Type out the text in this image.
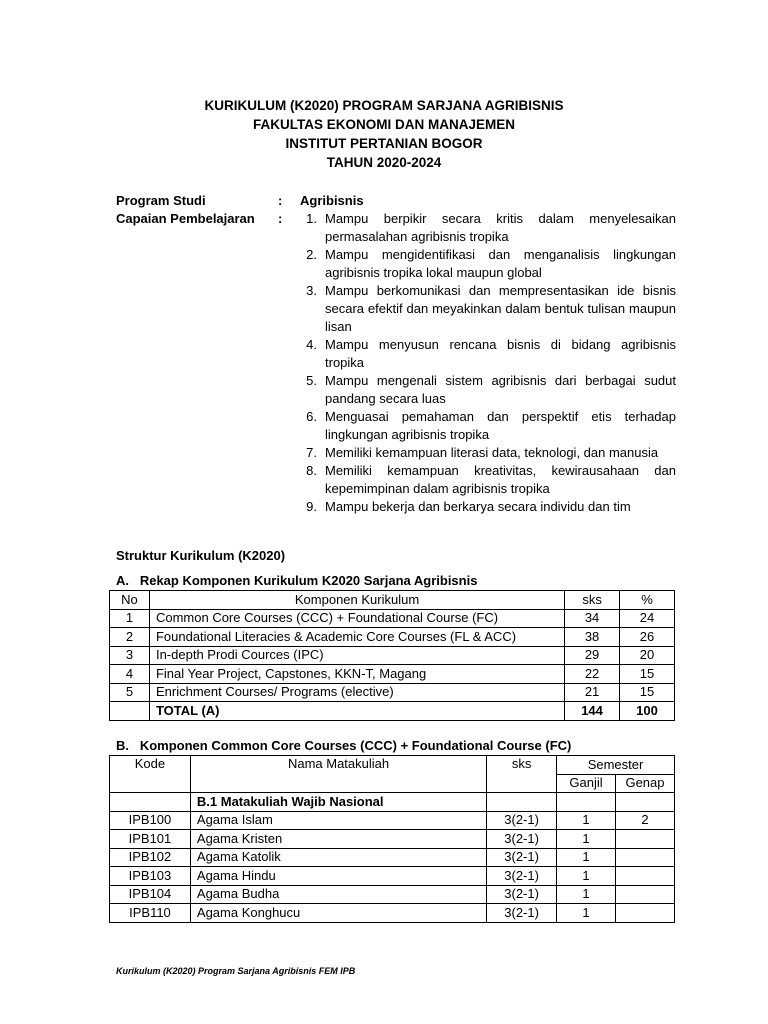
KURIKULUM (K2020) PROGRAM SARJANA AGRIBISNIS
FAKULTAS EKONOMI DAN MANAJEMEN
INSTITUT PERTANIAN BOGOR
TAHUN 2020-2024
Program Studi	:	Agribisnis
Capaian Pembelajaran	:	1. Mampu berpikir secara kritis dalam menyelesaikan permasalahan agribisnis tropika
2. Mampu mengidentifikasi dan menganalisis lingkungan agribisnis tropika lokal maupun global
3. Mampu berkomunikasi dan mempresentasikan ide bisnis secara efektif dan meyakinkan dalam bentuk tulisan maupun lisan
4. Mampu menyusun rencana bisnis di bidang agribisnis tropika
5. Mampu mengenali sistem agribisnis dari berbagai sudut pandang secara luas
6. Menguasai pemahaman dan perspektif etis terhadap lingkungan agribisnis tropika
7. Memiliki kemampuan literasi data, teknologi, dan manusia
8. Memiliki kemampuan kreativitas, kewirausahaan dan kepemimpinan dalam agribisnis tropika
9. Mampu bekerja dan berkarya secara individu dan tim
Struktur Kurikulum (K2020)
A.   Rekap Komponen Kurikulum K2020 Sarjana Agribisnis
No	Komponen Kurikulum	sks	%
1	Common Core Courses (CCC) + Foundational Course (FC)	34	24
2	Foundational Literacies & Academic Core Courses (FL & ACC)	38	26
3	In-depth Prodi Cources (IPC)	29	20
4	Final Year Project, Capstones, KKN-T, Magang	22	15
5	Enrichment Courses/ Programs (elective)	21	15
	TOTAL (A)	144	100
B.   Komponen Common Core Courses (CCC) + Foundational Course (FC)
Kode	Nama Matakuliah	sks	Semester	
			Ganjil	Genap
	B.1 Matakuliah Wajib Nasional			
IPB100	Agama Islam	3(2-1)	1	2
IPB101	Agama Kristen	3(2-1)	1	
IPB102	Agama Katolik	3(2-1)	1	
IPB103	Agama Hindu	3(2-1)	1	
IPB104	Agama Budha	3(2-1)	1	
IPB110	Agama Konghucu	3(2-1)	1	
Kurikulum (K2020) Program Sarjana Agribisnis FEM IPB
